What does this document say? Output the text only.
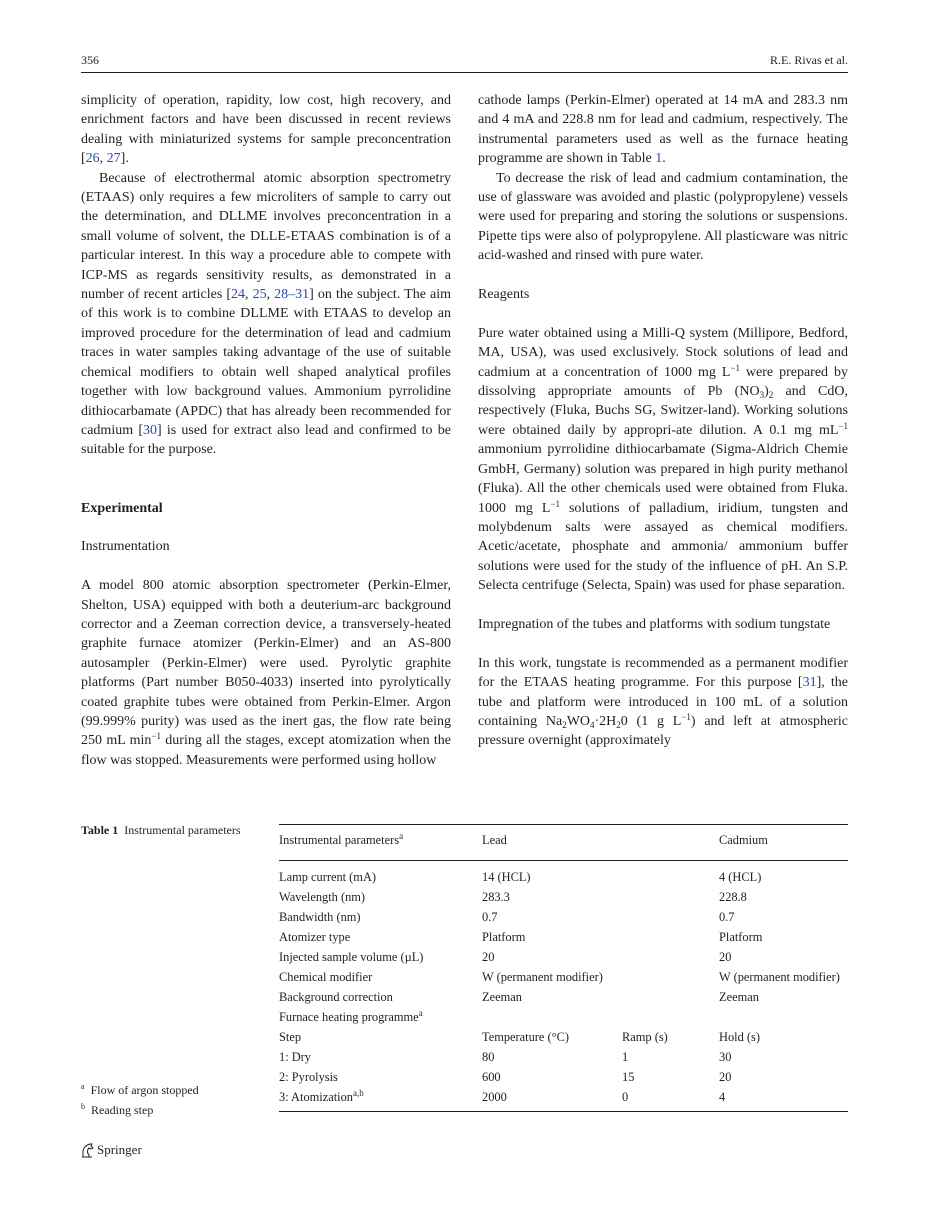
356	R.E. Rivas et al.

simplicity of operation, rapidity, low cost, high recovery, and enrichment factors and have been discussed in recent reviews dealing with miniaturized systems for sample preconcentration [26, 27].

Because of electrothermal atomic absorption spectrometry (ETAAS) only requires a few microliters of sample to carry out the determination, and DLLME involves preconcentration in a small volume of solvent, the DLLE-ETAAS combination is of a particular interest. In this way a procedure able to compete with ICP-MS as regards sensitivity results, as demonstrated in a number of recent articles [24, 25, 28–31] on the subject. The aim of this work is to combine DLLME with ETAAS to develop an improved procedure for the determination of lead and cadmium traces in water samples taking advantage of the use of suitable chemical modifiers to obtain well shaped analytical profiles together with low background values. Ammonium pyrrolidine dithiocarbamate (APDC) that has already been recommended for cadmium [30] is used for extract also lead and confirmed to be suitable for the purpose.

Experimental

Instrumentation

A model 800 atomic absorption spectrometer (Perkin-Elmer, Shelton, USA) equipped with both a deuterium-arc background corrector and a Zeeman correction device, a transversely-heated graphite furnace atomizer (Perkin-Elmer) and an AS-800 autosampler (Perkin-Elmer) were used. Pyrolytic graphite platforms (Part number B050-4033) inserted into pyrolytically coated graphite tubes were obtained from Perkin-Elmer. Argon (99.999% purity) was used as the inert gas, the flow rate being 250 mL $\min^{-1}$ during all the stages, except atomization when the flow was stopped. Measurements were performed using hollow

cathode lamps (Perkin-Elmer) operated at 14 mA and 283.3 nm and 4 mA and 228.8 nm for lead and cadmium, respectively. The instrumental parameters used as well as the furnace heating programme are shown in Table 1.

To decrease the risk of lead and cadmium contamination, the use of glassware was avoided and plastic (polypropylene) vessels were used for preparing and storing the solutions or suspensions. Pipette tips were also of polypropylene. All plasticware was nitric acid-washed and rinsed with pure water.

Reagents

Pure water obtained using a Milli-Q system (Millipore, Bedford, MA, USA), was used exclusively. Stock solutions of lead and cadmium at a concentration of 1000 mg $L^{-1}$ were prepared by dissolving appropriate amounts of Pb $(NO_3)_2$ and CdO, respectively (Fluka, Buchs SG, Switzer-land). Working solutions were obtained daily by appropri-ate dilution. A 0.1 mg $mL^{-1}$ ammonium pyrrolidine dithiocarbamate (Sigma-Aldrich Chemie GmbH, Germany) solution was prepared in high purity methanol (Fluka). All the other chemicals used were obtained from Fluka. 1000 mg $L^{-1}$ solutions of palladium, iridium, tungsten and molybdenum salts were assayed as chemical modifiers. Acetic/acetate, phosphate and ammonia/ ammonium buffer solutions were used for the study of the influence of pH. An S.P. Selecta centrifuge (Selecta, Spain) was used for phase separation.

Impregnation of the tubes and platforms with sodium tungstate

In this work, tungstate is recommended as a permanent modifier for the ETAAS heating programme. For this purpose [31], the tube and platform were introduced in 100 mL of a solution containing $Na_2WO_4\cdot 2H_20$ (1 g $L^{-1}$) and left at atmospheric pressure overnight (approximately

Table 1 Instrumental parameters
$^a$ Flow of argon stopped
$^b$ Reading step
Instrumental parameters$^a$	Lead	Cadmium
Lamp current (mA)	14 (HCL)	4 (HCL)
Wavelength (nm)	283.3	228.8
Bandwidth (nm)	0.7	0.7
Atomizer type	Platform	Platform
Injected sample volume (µL)	20	20
Chemical modifier	W (permanent modifier)	W (permanent modifier)
Background correction	Zeeman	Zeeman
Furnace heating programme$^a$
Step	Temperature (°C)	Ramp (s)	Hold (s)
1: Dry	80	1	30
2: Pyrolysis	600	15	20
3: Atomization$^{a,b}$	2000	0	4
Springer
